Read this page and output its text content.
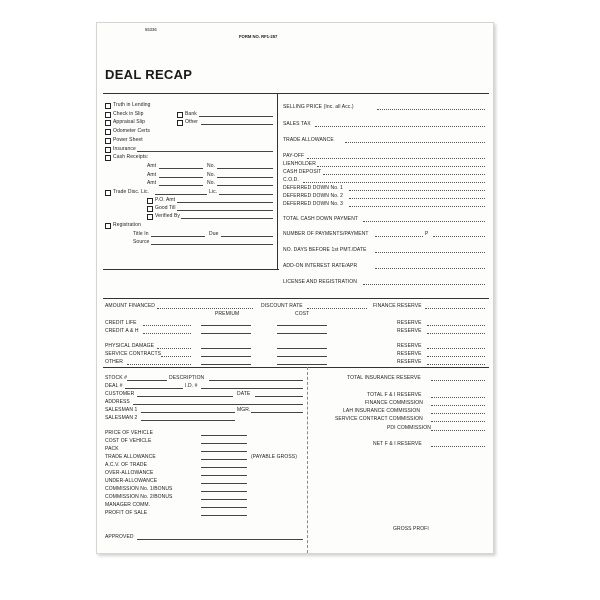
55336
FORM NO. RF1-257
DEAL RECAP
Truth in Lending
Check in Slip	Bank
Appraisal Slip	Other
Odometer Certs
Power Sheet
Insurance
Cash Receipts:
Amt	No.
Amt	No.
Amt	No.
Trade Disc. Lic.	Lic.
P.O. Amt
Good Till
Verified By
Registration
Title In	Due
Source
SELLING PRICE (Inc. all Acc.)
SALES TAX
TRADE ALLOWANCE
PAY-OFF
LIENHOLDER
CASH DEPOSIT
C.O.D.
DEFERRED DOWN No. 1
DEFERRED DOWN No. 2
DEFERRED DOWN No. 3
TOTAL CASH DOWN PAYMENT
NUMBER OF PAYMENTS/PAYMENT	P
NO. DAYS BEFORE 1st PMT./DATE
ADD-ON INTEREST RATE/APR
LICENSE AND REGISTRATION
AMOUNT FINANCED	DISCOUNT RATE	FINANCE RESERVE
PREMIUM	COST
CREDIT LIFE	RESERVE
CREDIT A & H	RESERVE
PHYSICAL DAMAGE	RESERVE
SERVICE CONTRACTS	RESERVE
OTHER	RESERVE
STOCK #	DESCRIPTION
DEAL #	I.D. #
CUSTOMER	DATE
ADDRESS
SALESMAN 1	MGR.
SALESMAN 2
PRICE OF VEHICLE
COST OF VEHICLE
PACK
TRADE ALLOWANCE	(PAYABLE GROSS)
A.C.V. OF TRADE
OVER-ALLOWANCE
UNDER-ALLOWANCE
COMMISSION No. 1/BONUS
COMMISSION No. 2/BONUS
MANAGER COMM.
PROFIT OF SALE
APPROVED
TOTAL INSURANCE RESERVE
TOTAL F & I RESERVE
FINANCE COMMISSION
LAH INSURANCE COMMISSION
SERVICE CONTRACT COMMISSION
PDI COMMISSION
NET F & I RESERVE
GROSS PROFI
